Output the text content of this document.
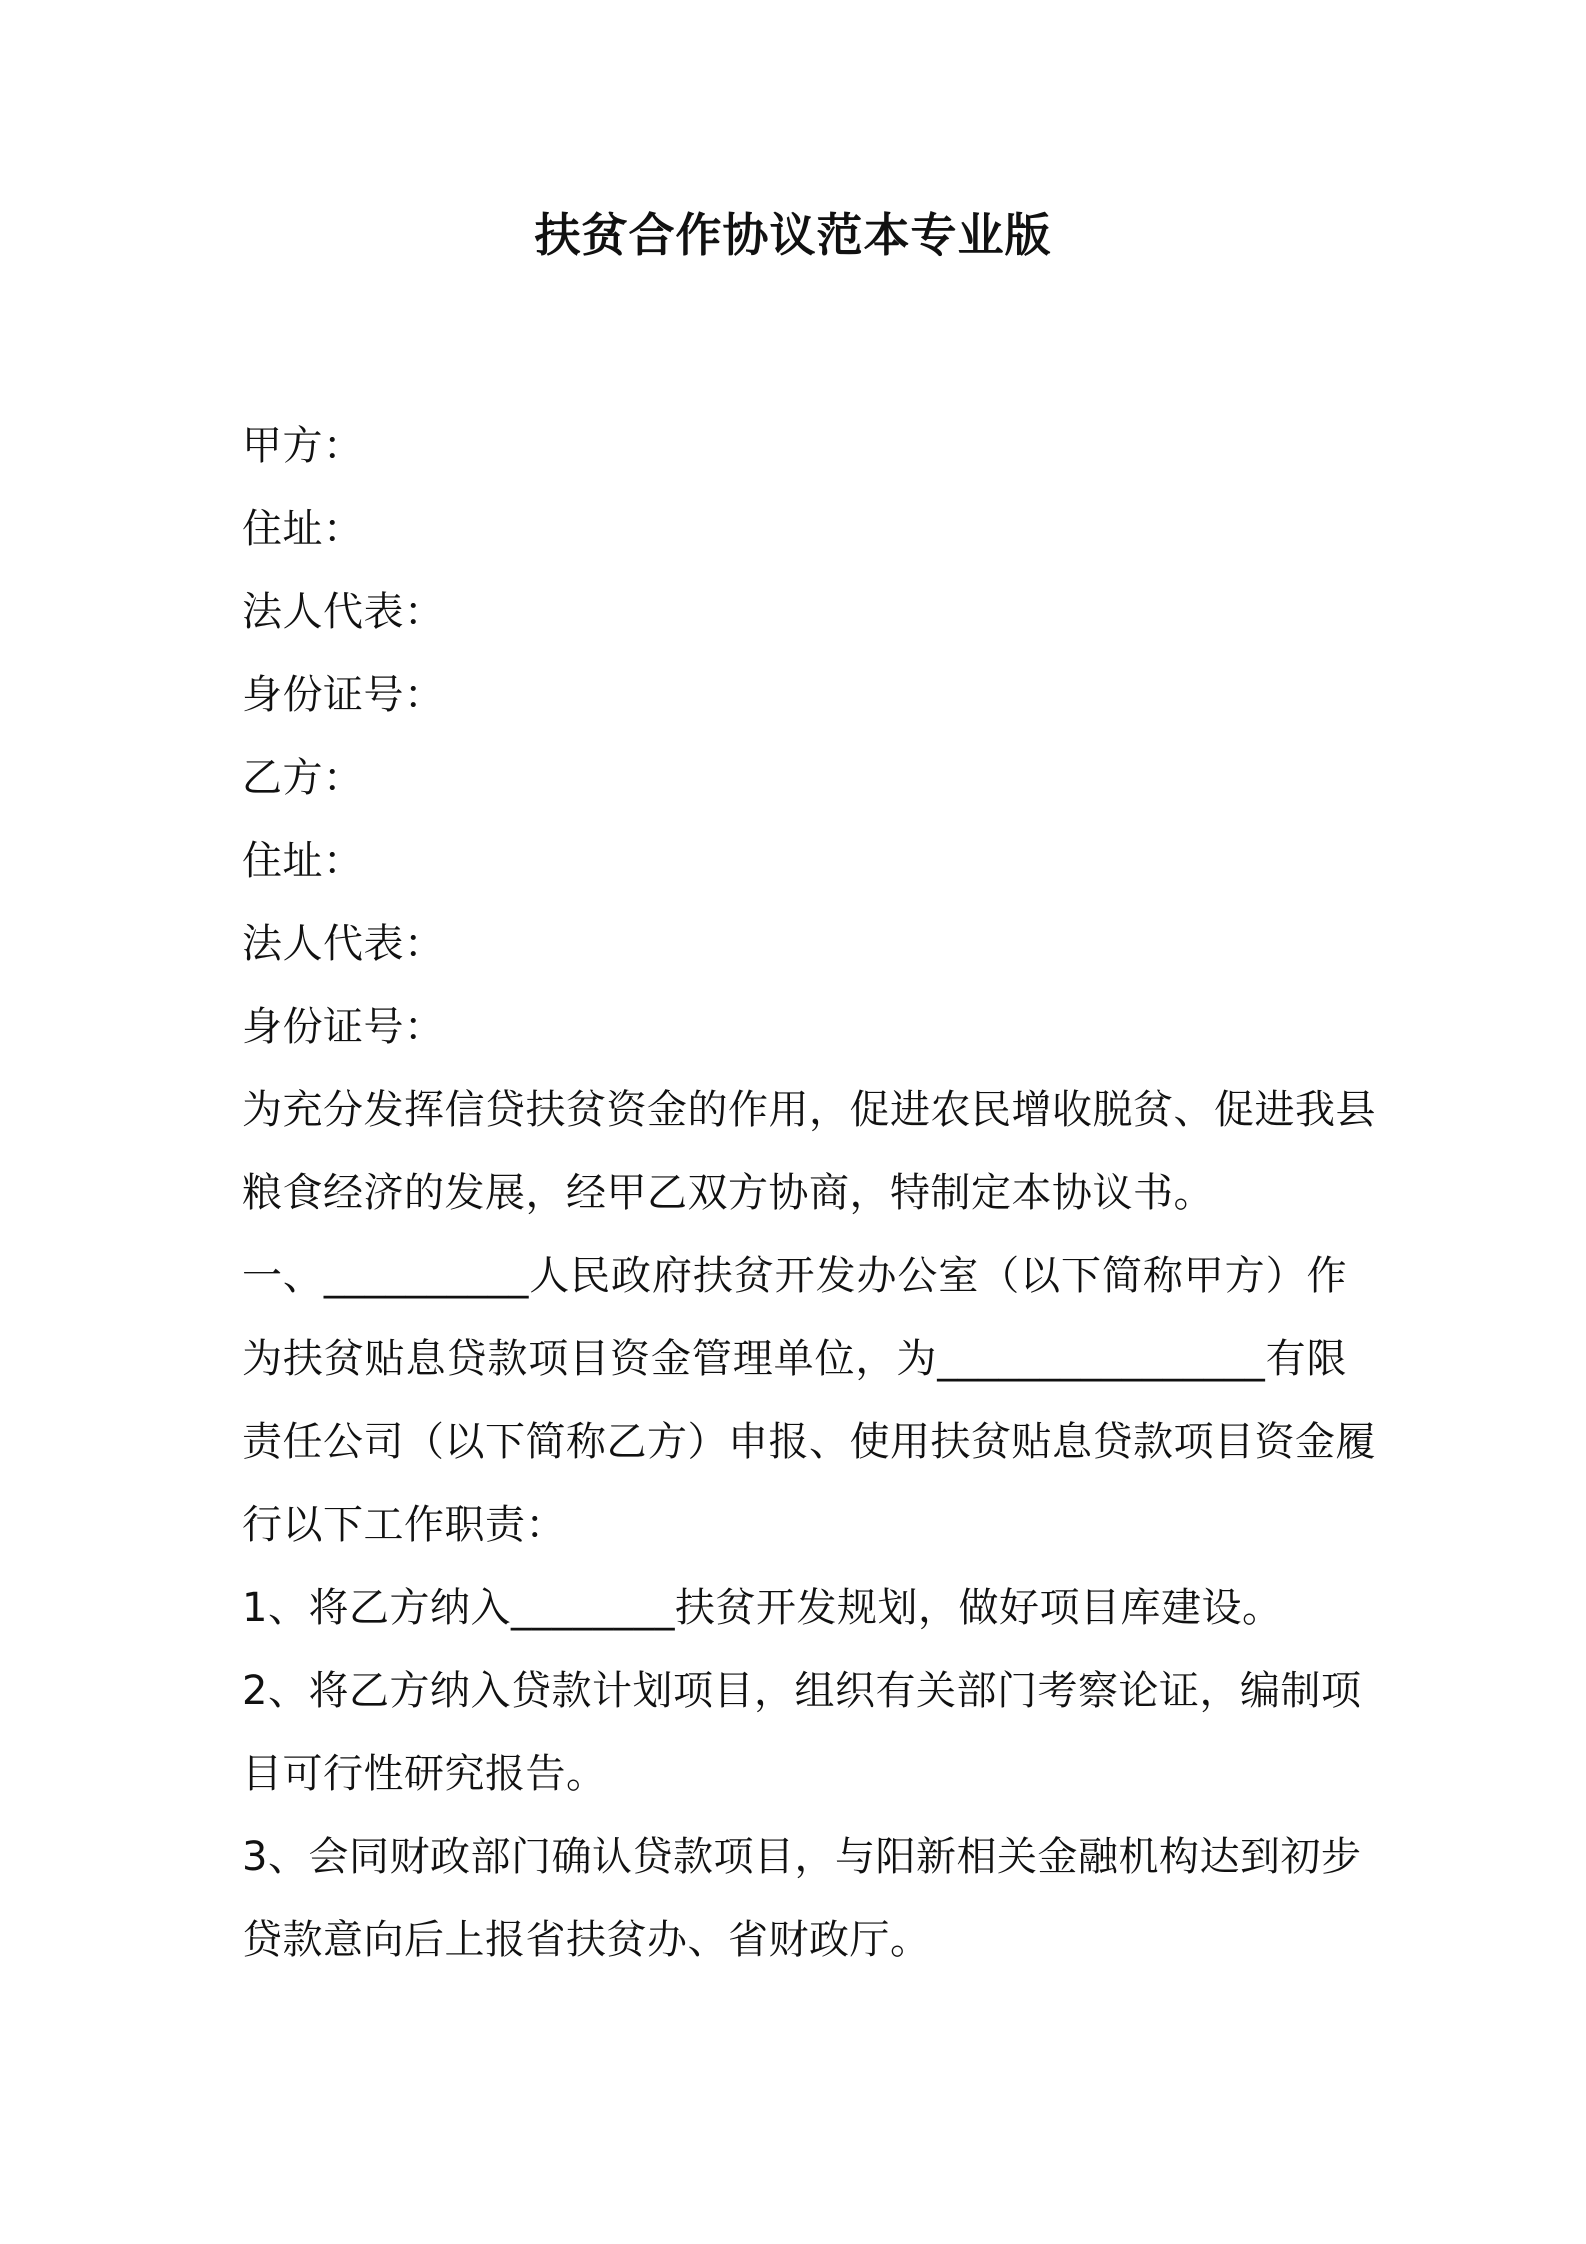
扶贫合作协议范本专业版
甲方：
住址：
法人代表：
身份证号：
乙方：
住址：
法人代表：
身份证号：
为充分发挥信贷扶贫资金的作用，促进农民增收脱贫、促进我县
粮食经济的发展，经甲乙双方协商，特制定本协议书。
一、__________人民政府扶贫开发办公室（以下简称甲方）作
为扶贫贴息贷款项目资金管理单位，为________________有限
责任公司（以下简称乙方）申报、使用扶贫贴息贷款项目资金履
行以下工作职责：
1、将乙方纳入________扶贫开发规划，做好项目库建设。
2、将乙方纳入贷款计划项目，组织有关部门考察论证，编制项
目可行性研究报告。
3、会同财政部门确认贷款项目，与阳新相关金融机构达到初步
贷款意向后上报省扶贫办、省财政厅。
